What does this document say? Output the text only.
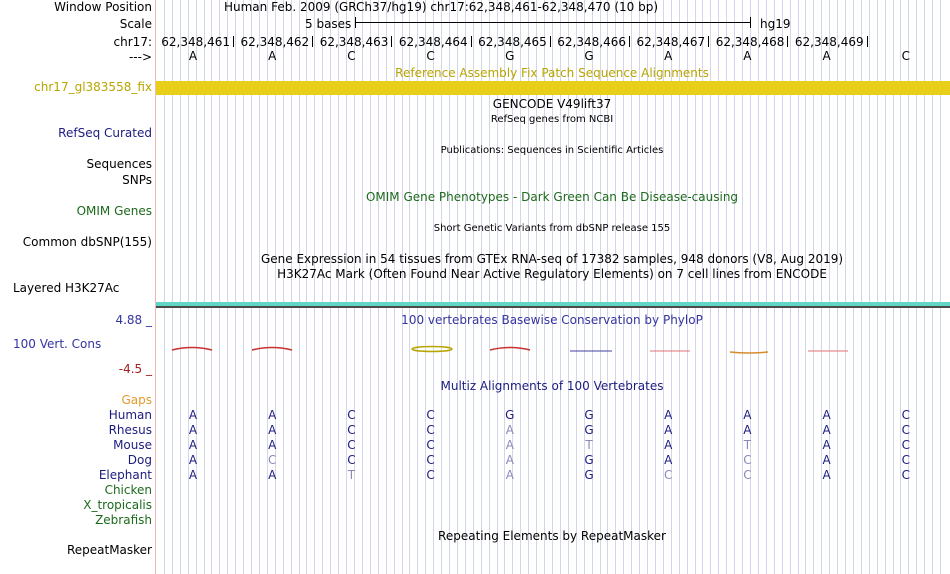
Window Position
Scale
chr17:
--->
chr17_gl383558_fix
RefSeq Curated
Sequences
SNPs
OMIM Genes
Common dbSNP(155)
Layered H3K27Ac
4.88 _
100 Vert. Cons
-4.5 _
Gaps
Human
Rhesus
Mouse
Dog
Elephant
Chicken
X_tropicalis
Zebrafish
RepeatMasker
Human Feb. 2009 (GRCh37/hg19) chr17:62,348,461-62,348,470 (10 bp)
5 bases	hg19
62,348,461 62,348,462 62,348,463 62,348,464 62,348,465 62,348,466 62,348,467 62,348,468 62,348,469
A	A	C	C	G	G	A	A	A	C
Reference Assembly Fix Patch Sequence Alignments
GENCODE V49lift37
RefSeq genes from NCBI
Publications: Sequences in Scientific Articles
OMIM Gene Phenotypes - Dark Green Can Be Disease-causing
Short Genetic Variants from dbSNP release 155
Gene Expression in 54 tissues from GTEx RNA-seq of 17382 samples, 948 donors (V8, Aug 2019)
H3K27Ac Mark (Often Found Near Active Regulatory Elements) on 7 cell lines from ENCODE
100 vertebrates Basewise Conservation by PhyloP
Multiz Alignments of 100 Vertebrates
A	A	C	C	G	G	A	A	A	C
A	A	C	C	A	G	A	A	A	C
A	A	C	C	A	T	A	T	A	C
A	C	C	C	A	G	A	C	A	C
A	A	T	C	A	G	C	C	A	C
Repeating Elements by RepeatMasker
